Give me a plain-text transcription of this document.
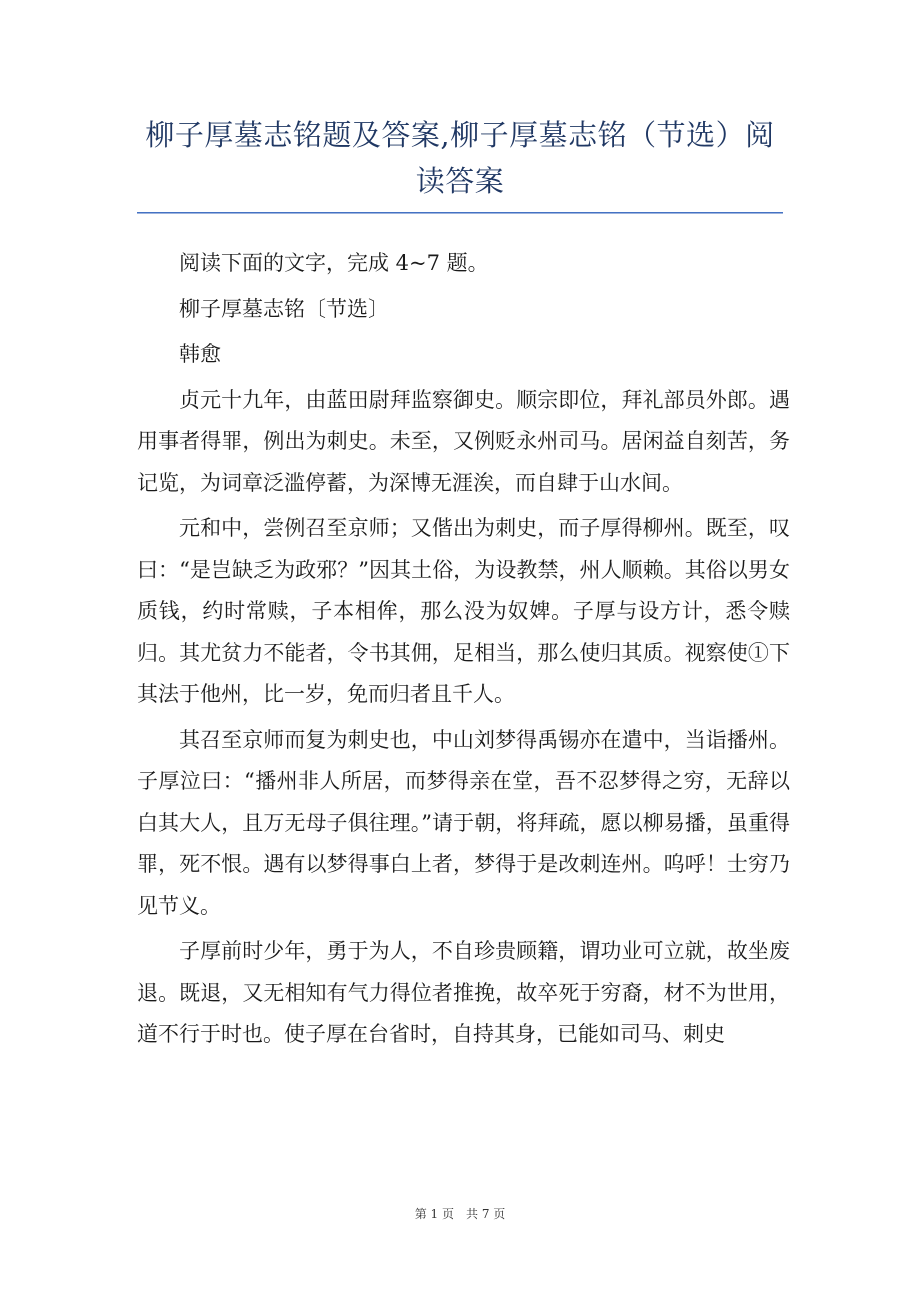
柳子厚墓志铭题及答案,柳子厚墓志铭（节选）阅读答案

阅读下面的文字，完成 4~7 题。

柳子厚墓志铭〔节选〕

韩愈

贞元十九年，由蓝田尉拜监察御史。顺宗即位，拜礼部员外郎。遇用事者得罪，例出为刺史。未至，又例贬永州司马。居闲益自刻苦，务记览，为词章泛滥停蓄，为深博无涯涘，而自肆于山水间。

元和中，尝例召至京师；又偕出为刺史，而子厚得柳州。既至，叹曰：“是岂缺乏为政邪？”因其土俗，为设教禁，州人顺赖。其俗以男女质钱，约时常赎，子本相侔，那么没为奴婢。子厚与设方计，悉令赎归。其尤贫力不能者，令书其佣，足相当，那么使归其质。视察使①下其法于他州，比一岁，免而归者且千人。

其召至京师而复为刺史也，中山刘梦得禹锡亦在遣中，当诣播州。子厚泣曰：“播州非人所居，而梦得亲在堂，吾不忍梦得之穷，无辞以白其大人，且万无母子俱往理。”请于朝，将拜疏，愿以柳易播，虽重得罪，死不恨。遇有以梦得事白上者，梦得于是改刺连州。呜呼！士穷乃见节义。

子厚前时少年，勇于为人，不自珍贵顾籍，谓功业可立就，故坐废退。既退，又无相知有气力得位者推挽，故卒死于穷裔，材不为世用，道不行于时也。使子厚在台省时，自持其身，已能如司马、刺史

第 1 页　共 7 页
